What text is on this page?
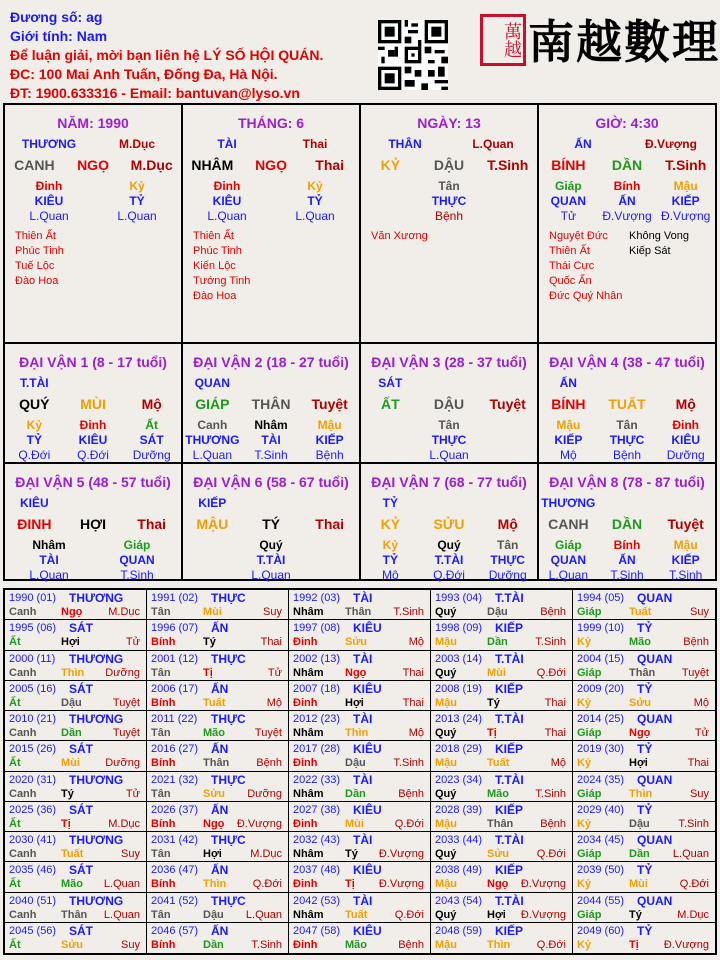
Đương số: ag
Giới tính: Nam
Để luận giải, mời bạn liên hệ LÝ SỐ HỘI QUÁN.
ĐC: 100 Mai Anh Tuấn, Đống Đa, Hà Nội.
ĐT: 1900.633316 - Email: bantuvan@lyso.vn
萬越 南越數理
NĂM: 1990
THƯƠNG	M.Dục
CANH	NGỌ	M.Dục
Đinh	Kỷ
KIÊU	TỶ
L.Quan	L.Quan
Thiên Ất
Phúc Tinh
Tuế Lộc
Đào Hoa
THÁNG: 6
TÀI	Thai
NHÂM	NGỌ	Thai
Đinh	Kỷ
KIÊU	TỶ
L.Quan	L.Quan
Thiên Ất
Phúc Tinh
Kiến Lộc
Tướng Tinh
Đào Hoa
NGÀY: 13
THÂN	L.Quan
KỶ	DẬU	T.Sinh
Tân
THỰC
Bệnh
Văn Xương
GIỜ: 4:30
ẤN	Đ.Vượng
BÍNH	DẦN	T.Sinh
Giáp	Bính	Mậu
QUAN	ẤN	KIẾP
Tử	Đ.Vượng Đ.Vượng
Nguyệt Đức
Thiên Ất
Thái Cực
Quốc Ấn
Đức Quý Nhân
Không Vong
Kiếp Sát
ĐẠI VẬN 1 (8 - 17 tuổi)
T.TÀI
QUÝ	MÙI	Mộ
Kỷ	Đinh	Ất
TỶ	KIÊU	SÁT
Q.Đới	Q.Đới	Dưỡng
ĐẠI VẬN 2 (18 - 27 tuổi)
QUAN
GIÁP	THÂN	Tuyệt
Canh	Nhâm	Mậu
THƯƠNG	TÀI	KIẾP
L.Quan	T.Sinh	Bệnh
ĐẠI VẬN 3 (28 - 37 tuổi)
SÁT
ẤT	DẬU	Tuyệt
Tân
THỰC
L.Quan
ĐẠI VẬN 4 (38 - 47 tuổi)
ẤN
BÍNH	TUẤT	Mộ
Mậu	Tân	Đinh
KIẾP	THỰC	KIÊU
Mộ	Bệnh	Dưỡng
ĐẠI VẬN 5 (48 - 57 tuổi)
KIÊU
ĐINH	HỢI	Thai
Nhâm	Giáp
TÀI	QUAN
L.Quan	T.Sinh
ĐẠI VẬN 6 (58 - 67 tuổi)
KIẾP
MẬU	TÝ	Thai
Quý
T.TÀI
L.Quan
ĐẠI VẬN 7 (68 - 77 tuổi)
TỶ
KỶ	SỬU	Mộ
Kỷ	Quý	Tân
TỶ	T.TÀI	THỰC
Mộ	Q.Đới	Dưỡng
ĐẠI VẬN 8 (78 - 87 tuổi)
THƯƠNG
CANH	DẦN	Tuyệt
Giáp	Bính	Mậu
QUAN	ẤN	KIẾP
L.Quan	T.Sinh	T.Sinh
1990 (01) THƯƠNG
Canh Ngọ M.Dục
1991 (02) THỰC
Tân	Mùi	Suy
1992 (03) TÀI
Nhâm Thân T.Sinh
1993 (04) T.TÀI
Quý	Dậu	Bệnh
1994 (05) QUAN
Giáp	Tuất	Suy
1995 (06) SÁT
Ất	Hợi	Tử
1996 (07) ẤN
Bính	Tý	Thai
1997 (08) KIÊU
Đinh	Sửu	Mộ
1998 (09) KIẾP
Mậu	Dần	T.Sinh
1999 (10) TỶ
Kỷ	Mão	Bệnh
2000 (11) THƯƠNG
Canh Thìn Dưỡng
2001 (12) THỰC
Tân	Tị	Tử
2002 (13) TÀI
Nhâm Ngọ	Thai
2003 (14) T.TÀI
Quý	Mùi	Q.Đới
2004 (15) QUAN
Giáp	Thân Tuyệt
2005 (16) SÁT
Ất	Dậu	Tuyệt
2006 (17) ẤN
Bính	Tuất	Mộ
2007 (18) KIÊU
Đinh	Hợi	Thai
2008 (19) KIẾP
Mậu	Tý	Thai
2009 (20) TỶ
Kỷ	Sửu	Mộ
2010 (21) THƯƠNG
Canh Dần	Tuyệt
2011 (22) THỰC
Tân	Mão	Tuyệt
2012 (23) TÀI
Nhâm Thìn	Mộ
2013 (24) T.TÀI
Quý	Tị	Thai
2014 (25) QUAN
Giáp	Ngọ	Tử
2015 (26) SÁT
Ất	Mùi Dưỡng
2016 (27) ẤN
Bính	Thân Bệnh
2017 (28) KIÊU
Đinh	Dậu	T.Sinh
2018 (29) KIẾP
Mậu	Tuất	Mộ
2019 (30) TỶ
Kỷ	Hợi	Thai
2020 (31) THƯƠNG
Canh Tý	Tử
2021 (32) THỰC
Tân	Sửu Dưỡng
2022 (33) TÀI
Nhâm Dần	Bệnh
2023 (34) T.TÀI
Quý	Mão T.Sinh
2024 (35) QUAN
Giáp	Thìn	Suy
2025 (36) SÁT
Ất	Tị	M.Dục
2026 (37) ẤN
Bính	Ngọ Đ.Vượng
2027 (38) KIÊU
Đinh	Mùi	Q.Đới
2028 (39) KIẾP
Mậu	Thân Bệnh
2029 (40) TỶ
Kỷ	Dậu	T.Sinh
2030 (41) THƯƠNG
Canh Tuất	Suy
2031 (42) THỰC
Tân	Hợi	M.Dục
2032 (43) TÀI
Nhâm Tý Đ.Vượng
2033 (44) T.TÀI
Quý	Sửu	Q.Đới
2034 (45) QUAN
Giáp	Dần L.Quan
2035 (46) SÁT
Ất	Mão L.Quan
2036 (47) ẤN
Bính	Thìn Q.Đới
2037 (48) KIÊU
Đinh	Tị Đ.Vượng
2038 (49) KIẾP
Mậu	Ngọ Đ.Vượng
2039 (50) TỶ
Kỷ	Mùi	Q.Đới
2040 (51) THƯƠNG
Canh Thân L.Quan
2041 (52) THỰC
Tân	Dậu L.Quan
2042 (53) TÀI
Nhâm Tuất Q.Đới
2043 (54) T.TÀI
Quý	Hợi Đ.Vượng
2044 (55) QUAN
Giáp	Tý	M.Dục
2045 (56) SÁT
Ất	Sửu	Suy
2046 (57) ẤN
Bính	Dần	T.Sinh
2047 (58) KIÊU
Đinh	Mão	Bệnh
2048 (59) KIẾP
Mậu	Thìn Q.Đới
2049 (60) TỶ
Kỷ	Tị Đ.Vượng
